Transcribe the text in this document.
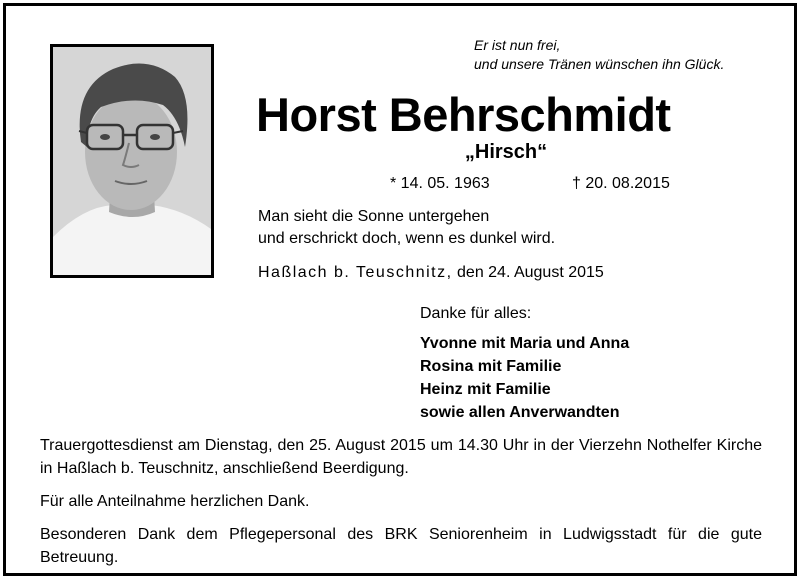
Er ist nun frei,
und unsere Tränen wünschen ihn Glück.
Horst Behrschmidt
„Hirsch“
* 14. 05. 1963	† 20. 08.2015
Man sieht die Sonne untergehen
und erschrickt doch, wenn es dunkel wird.
Haßlach b. Teuschnitz, den 24. August 2015
Danke für alles:
Yvonne mit Maria und Anna
Rosina mit Familie
Heinz mit Familie
sowie allen Anverwandten

Trauergottesdienst am Dienstag, den 25. August 2015 um 14.30 Uhr in der Vierzehn Nothelfer Kirche in Haßlach b. Teuschnitz, anschließend Beerdigung.

Für alle Anteilnahme herzlichen Dank.

Besonderen Dank dem Pflegepersonal des BRK Seniorenheim in Ludwigsstadt für die gute Betreuung.
